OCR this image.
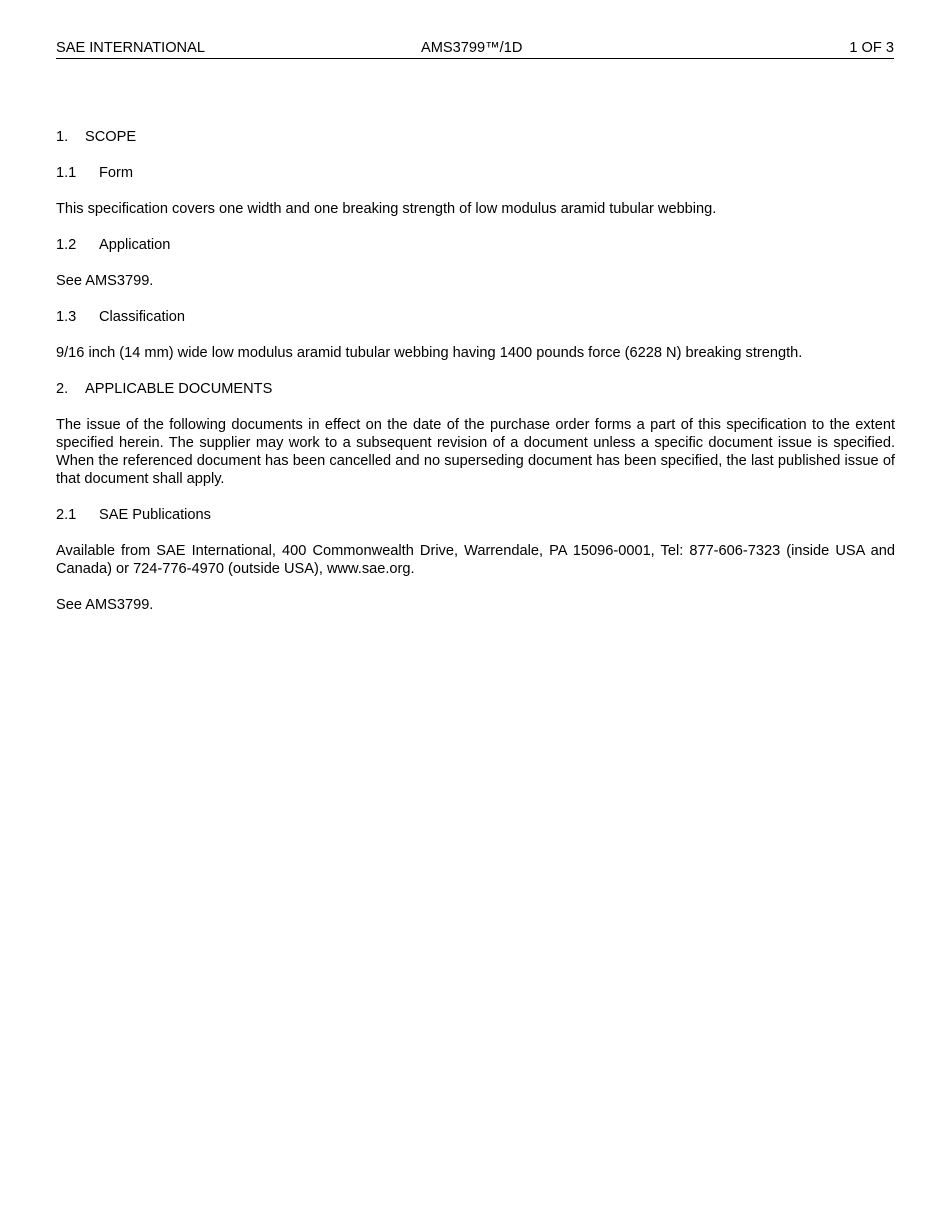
SAE INTERNATIONAL	AMS3799™/1D	1 OF 3
1. SCOPE
1.1 Form

This specification covers one width and one breaking strength of low modulus aramid tubular webbing.

1.2 Application

See AMS3799.

1.3 Classification

9/16 inch (14 mm) wide low modulus aramid tubular webbing having 1400 pounds force (6228 N) breaking strength.

2. APPLICABLE DOCUMENTS

The issue of the following documents in effect on the date of the purchase order forms a part of this specification to the extent specified herein. The supplier may work to a subsequent revision of a document unless a specific document issue is specified. When the referenced document has been cancelled and no superseding document has been specified, the last published issue of that document shall apply.

2.1 SAE Publications

Available from SAE International, 400 Commonwealth Drive, Warrendale, PA 15096-0001, Tel: 877-606-7323 (inside USA and Canada) or 724-776-4970 (outside USA), www.sae.org.

See AMS3799.
